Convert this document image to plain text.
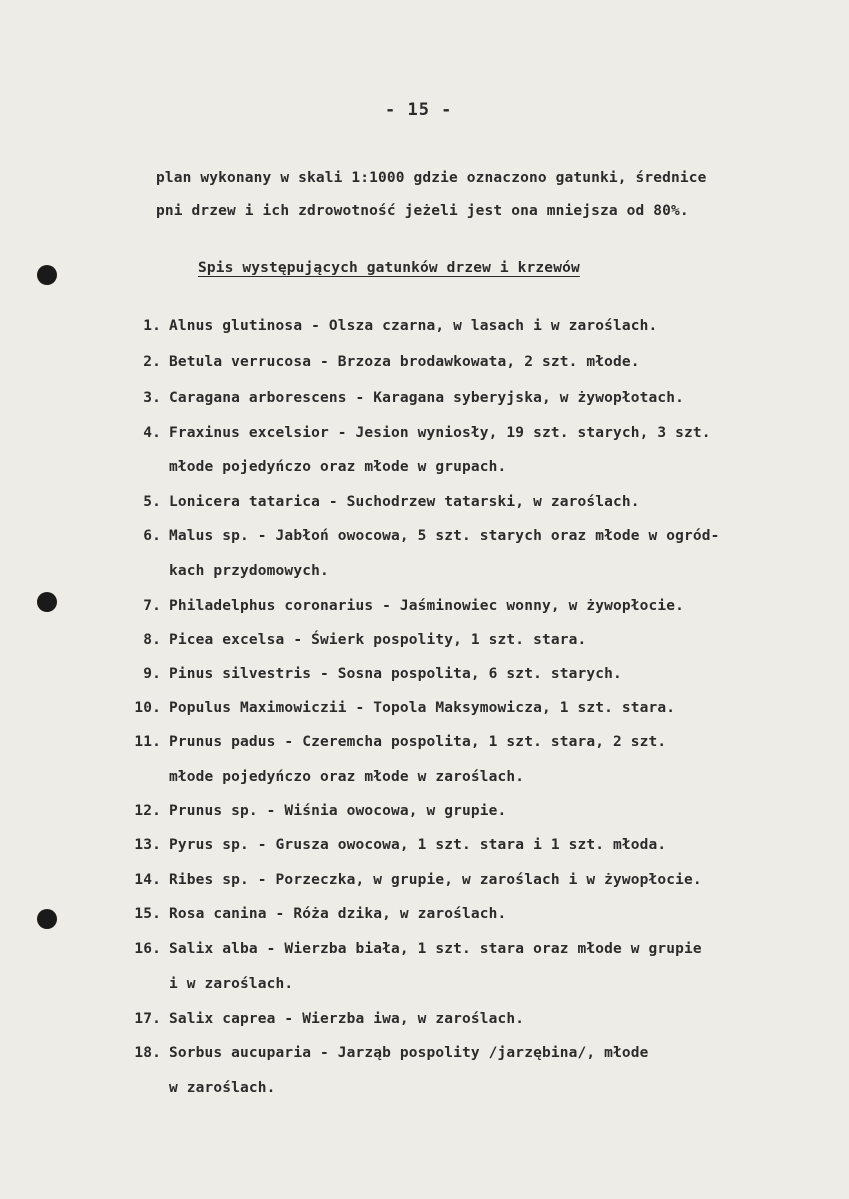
- 15 -
plan wykonany w skali 1:1000 gdzie oznaczono gatunki, średnice
pni drzew i ich zdrowotność jeżeli jest ona mniejsza od 80%.
Spis występujących gatunków drzew i krzewów
1. Alnus glutinosa - Olsza czarna, w lasach i w zaroślach.
2. Betula verrucosa - Brzoza brodawkowata, 2 szt. młode.
3. Caragana arborescens - Karagana syberyjska, w żywopłotach.
4. Fraxinus excelsior - Jesion wyniosły, 19 szt. starych, 3 szt.
młode pojedyńczo oraz młode w grupach.
5. Lonicera tatarica - Suchodrzew tatarski, w zaroślach.
6. Malus sp. - Jabłoń owocowa, 5 szt. starych oraz młode w ogród-
kach przydomowych.
7. Philadelphus coronarius - Jaśminowiec wonny, w żywopłocie.
8. Picea excelsa - Świerk pospolity, 1 szt. stara.
9. Pinus silvestris - Sosna pospolita, 6 szt. starych.
10. Populus Maximowiczii - Topola Maksymowicza, 1 szt. stara.
11. Prunus padus - Czeremcha pospolita, 1 szt. stara, 2 szt.
młode pojedyńczo oraz młode w zaroślach.
12. Prunus sp. - Wiśnia owocowa, w grupie.
13. Pyrus sp. - Grusza owocowa, 1 szt. stara i 1 szt. młoda.
14. Ribes sp. - Porzeczka, w grupie, w zaroślach i w żywopłocie.
15. Rosa canina - Róża dzika, w zaroślach.
16. Salix alba - Wierzba biała, 1 szt. stara oraz młode w grupie
i w zaroślach.
17. Salix caprea - Wierzba iwa, w zaroślach.
18. Sorbus aucuparia - Jarząb pospolity /jarzębina/, młode
w zaroślach.
